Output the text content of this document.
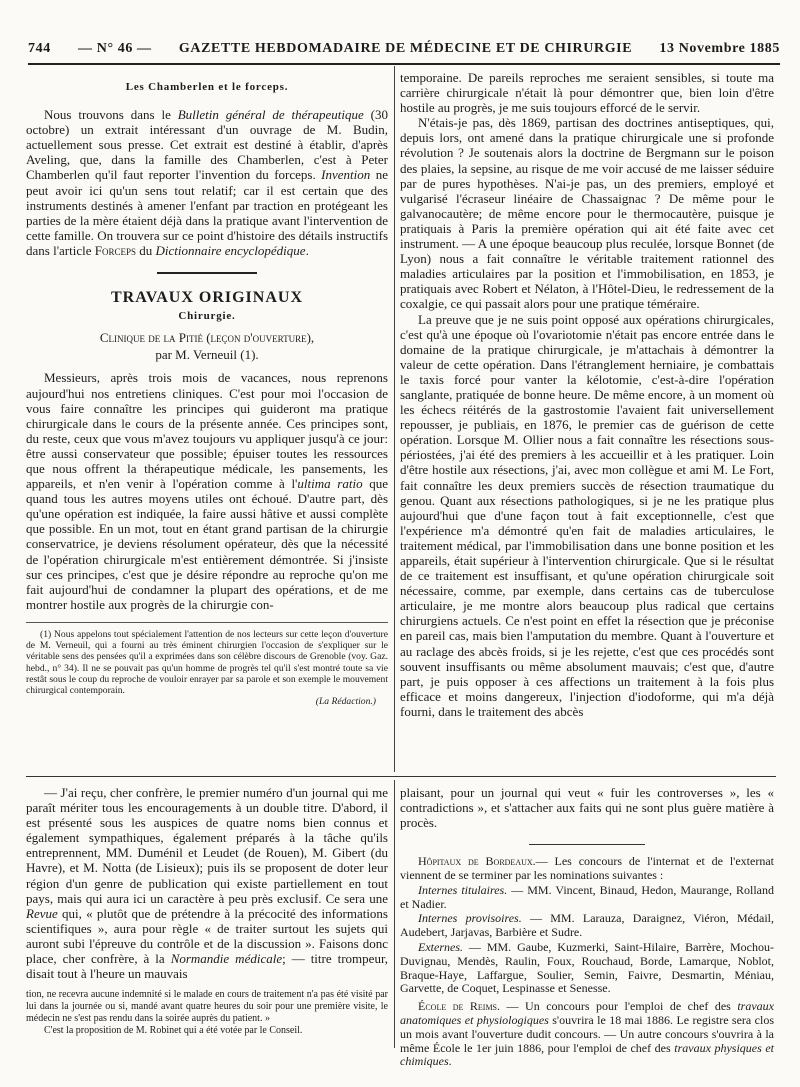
744 — N° 46 — GAZETTE HEBDOMADAIRE DE MÉDECINE ET DE CHIRURGIE 13 Novembre 1885
Les Chamberlen et le forceps.

Nous trouvons dans le Bulletin général de thérapeutique (30 octobre) un extrait intéressant d'un ouvrage de M. Budin, actuellement sous presse. Cet extrait est destiné à établir, d'après Aveling, que, dans la famille des Chamberlen, c'est à Peter Chamberlen qu'il faut reporter l'invention du forceps. Invention ne peut avoir ici qu'un sens tout relatif; car il est certain que des instruments destinés à amener l'enfant par traction en protégeant les parties de la mère étaient déjà dans la pratique avant l'intervention de cette famille. On trouvera sur ce point d'histoire des détails instructifs dans l'article Forceps du Dictionnaire encyclopédique.

TRAVAUX ORIGINAUX
Chirurgie.
Clinique de la Pitié (leçon d'ouverture),
par M. Verneuil (1).

Messieurs, après trois mois de vacances, nous reprenons aujourd'hui nos entretiens cliniques. C'est pour moi l'occasion de vous faire connaître les principes qui guideront ma pratique chirurgicale dans le cours de la présente année. Ces principes sont, du reste, ceux que vous m'avez toujours vu appliquer jusqu'à ce jour: être aussi conservateur que possible; épuiser toutes les ressources que nous offrent la thérapeutique médicale, les pansements, les appareils, et n'en venir à l'opération comme à l'ultima ratio que quand tous les autres moyens utiles ont échoué. D'autre part, dès qu'une opération est indiquée, la faire aussi hâtive et aussi complète que possible. En un mot, tout en étant grand partisan de la chirurgie conservatrice, je deviens résolument opérateur, dès que la nécessité de l'opération chirurgicale m'est entièrement démontrée. Si j'insiste sur ces principes, c'est que je désire répondre au reproche qu'on me fait aujourd'hui de condamner la plupart des opérations, et de me montrer hostile aux progrès de la chirurgie con-

(1) Nous appelons tout spécialement l'attention de nos lecteurs sur cette leçon d'ouverture de M. Verneuil, qui a fourni au très éminent chirurgien l'occasion de s'expliquer sur le véritable sens des pensées qu'il a exprimées dans son célèbre discours de Grenoble (voy. Gaz. hebd., n° 34). Il ne se pouvait pas qu'un homme de progrès tel qu'il s'est montré toute sa vie restât sous le coup du reproche de vouloir enrayer par sa parole et son exemple le mouvement chirurgical contemporain.

(La Rédaction.)

temporaine. De pareils reproches me seraient sensibles, si toute ma carrière chirurgicale n'était là pour démontrer que, bien loin d'être hostile au progrès, je me suis toujours efforcé de le servir.

N'étais-je pas, dès 1869, partisan des doctrines antiseptiques, qui, depuis lors, ont amené dans la pratique chirurgicale une si profonde révolution ? Je soutenais alors la doctrine de Bergmann sur le poison des plaies, la sepsine, au risque de me voir accusé de me laisser séduire par de pures hypothèses. N'ai-je pas, un des premiers, employé et vulgarisé l'écraseur linéaire de Chassaignac ? De même pour le galvanocautère; de même encore pour le thermocautère, puisque je pratiquais à Paris la première opération qui ait été faite avec cet instrument. — A une époque beaucoup plus reculée, lorsque Bonnet (de Lyon) nous a fait connaître le véritable traitement rationnel des maladies articulaires par la position et l'immobilisation, en 1853, je pratiquais avec Robert et Nélaton, à l'Hôtel-Dieu, le redressement de la coxalgie, ce qui passait alors pour une pratique téméraire.

La preuve que je ne suis point opposé aux opérations chirurgicales, c'est qu'à une époque où l'ovariotomie n'était pas encore entrée dans le domaine de la pratique chirurgicale, je m'attachais à démontrer la valeur de cette opération. Dans l'étranglement herniaire, je combattais le taxis forcé pour vanter la kélotomie, c'est-à-dire l'opération sanglante, pratiquée de bonne heure. De même encore, à un moment où les échecs réitérés de la gastrostomie l'avaient fait universellement repousser, je publiais, en 1876, le premier cas de guérison de cette opération. Lorsque M. Ollier nous a fait connaître les résections sous-périostées, j'ai été des premiers à les accueillir et à les pratiquer. Loin d'être hostile aux résections, j'ai, avec mon collègue et ami M. Le Fort, fait connaître les deux premiers succès de résection traumatique du genou. Quant aux résections pathologiques, si je ne les pratique plus aujourd'hui que d'une façon tout à fait exceptionnelle, c'est que l'expérience m'a démontré qu'en fait de maladies articulaires, le traitement médical, par l'immobilisation dans une bonne position et les appareils, était supérieur à l'intervention chirurgicale. Que si le résultat de ce traitement est insuffisant, et qu'une opération chirurgicale soit nécessaire, comme, par exemple, dans certains cas de tuberculose articulaire, je me montre alors beaucoup plus radical que certains chirurgiens actuels. Ce n'est point en effet la résection que je préconise en pareil cas, mais bien l'amputation du membre. Quant à l'ouverture et au raclage des abcès froids, si je les rejette, c'est que ces procédés sont souvent insuffisants ou même absolument mauvais; c'est que, d'autre part, je puis opposer à ces affections un traitement à la fois plus efficace et moins dangereux, l'injection d'iodoforme, qui m'a déjà fourni, dans le traitement des abcès

— J'ai reçu, cher confrère, le premier numéro d'un journal qui me paraît mériter tous les encouragements à un double titre. D'abord, il est présenté sous les auspices de quatre noms bien connus et également sympathiques, également préparés à la tâche qu'ils entreprennent, MM. Duménil et Leudet (de Rouen), M. Gibert (du Havre), et M. Notta (de Lisieux); puis ils se proposent de doter leur région d'un genre de publication qui existe partiellement en tout pays, mais qui aura ici un caractère à peu près exclusif. Ce sera une Revue qui, « plutôt que de prétendre à la précocité des informations scientifiques », aura pour règle « de traiter surtout les sujets qui auront subi l'épreuve du contrôle et de la discussion ». Faisons donc place, cher confrère, à la Normandie médicale; — titre trompeur, disait tout à l'heure un mauvais

tion, ne recevra aucune indemnité si le malade en cours de traitement n'a pas été visité par lui dans la journée ou si, mandé avant quatre heures du soir pour une première visite, le médecin ne s'est pas rendu dans la soirée auprès du patient. »

C'est la proposition de M. Robinet qui a été votée par le Conseil.

plaisant, pour un journal qui veut « fuir les controverses », les « contradictions », et s'attacher aux faits qui ne sont plus guère matière à procès.

Hôpitaux de Bordeaux.— Les concours de l'internat et de l'externat viennent de se terminer par les nominations suivantes :

Internes titulaires. — MM. Vincent, Binaud, Hedon, Maurange, Rolland et Nadier.

Internes provisoires. — MM. Larauza, Daraignez, Viéron, Médail, Audebert, Jarjavas, Barbière et Sudre.

Externes. — MM. Gaube, Kuzmerki, Saint-Hilaire, Barrère, Mochou-Duvignau, Mendès, Raulin, Foux, Rouchaud, Borde, Lamarque, Noblot, Braque-Haye, Laffargue, Soulier, Semin, Faivre, Desmartin, Méniau, Garvette, de Coquet, Lespinasse et Senesse.

École de Reims. — Un concours pour l'emploi de chef des travaux anatomiques et physiologiques s'ouvrira le 18 mai 1886. Le registre sera clos un mois avant l'ouverture dudit concours. — Un autre concours s'ouvrira à la même École le 1er juin 1886, pour l'emploi de chef des travaux physiques et chimiques.
